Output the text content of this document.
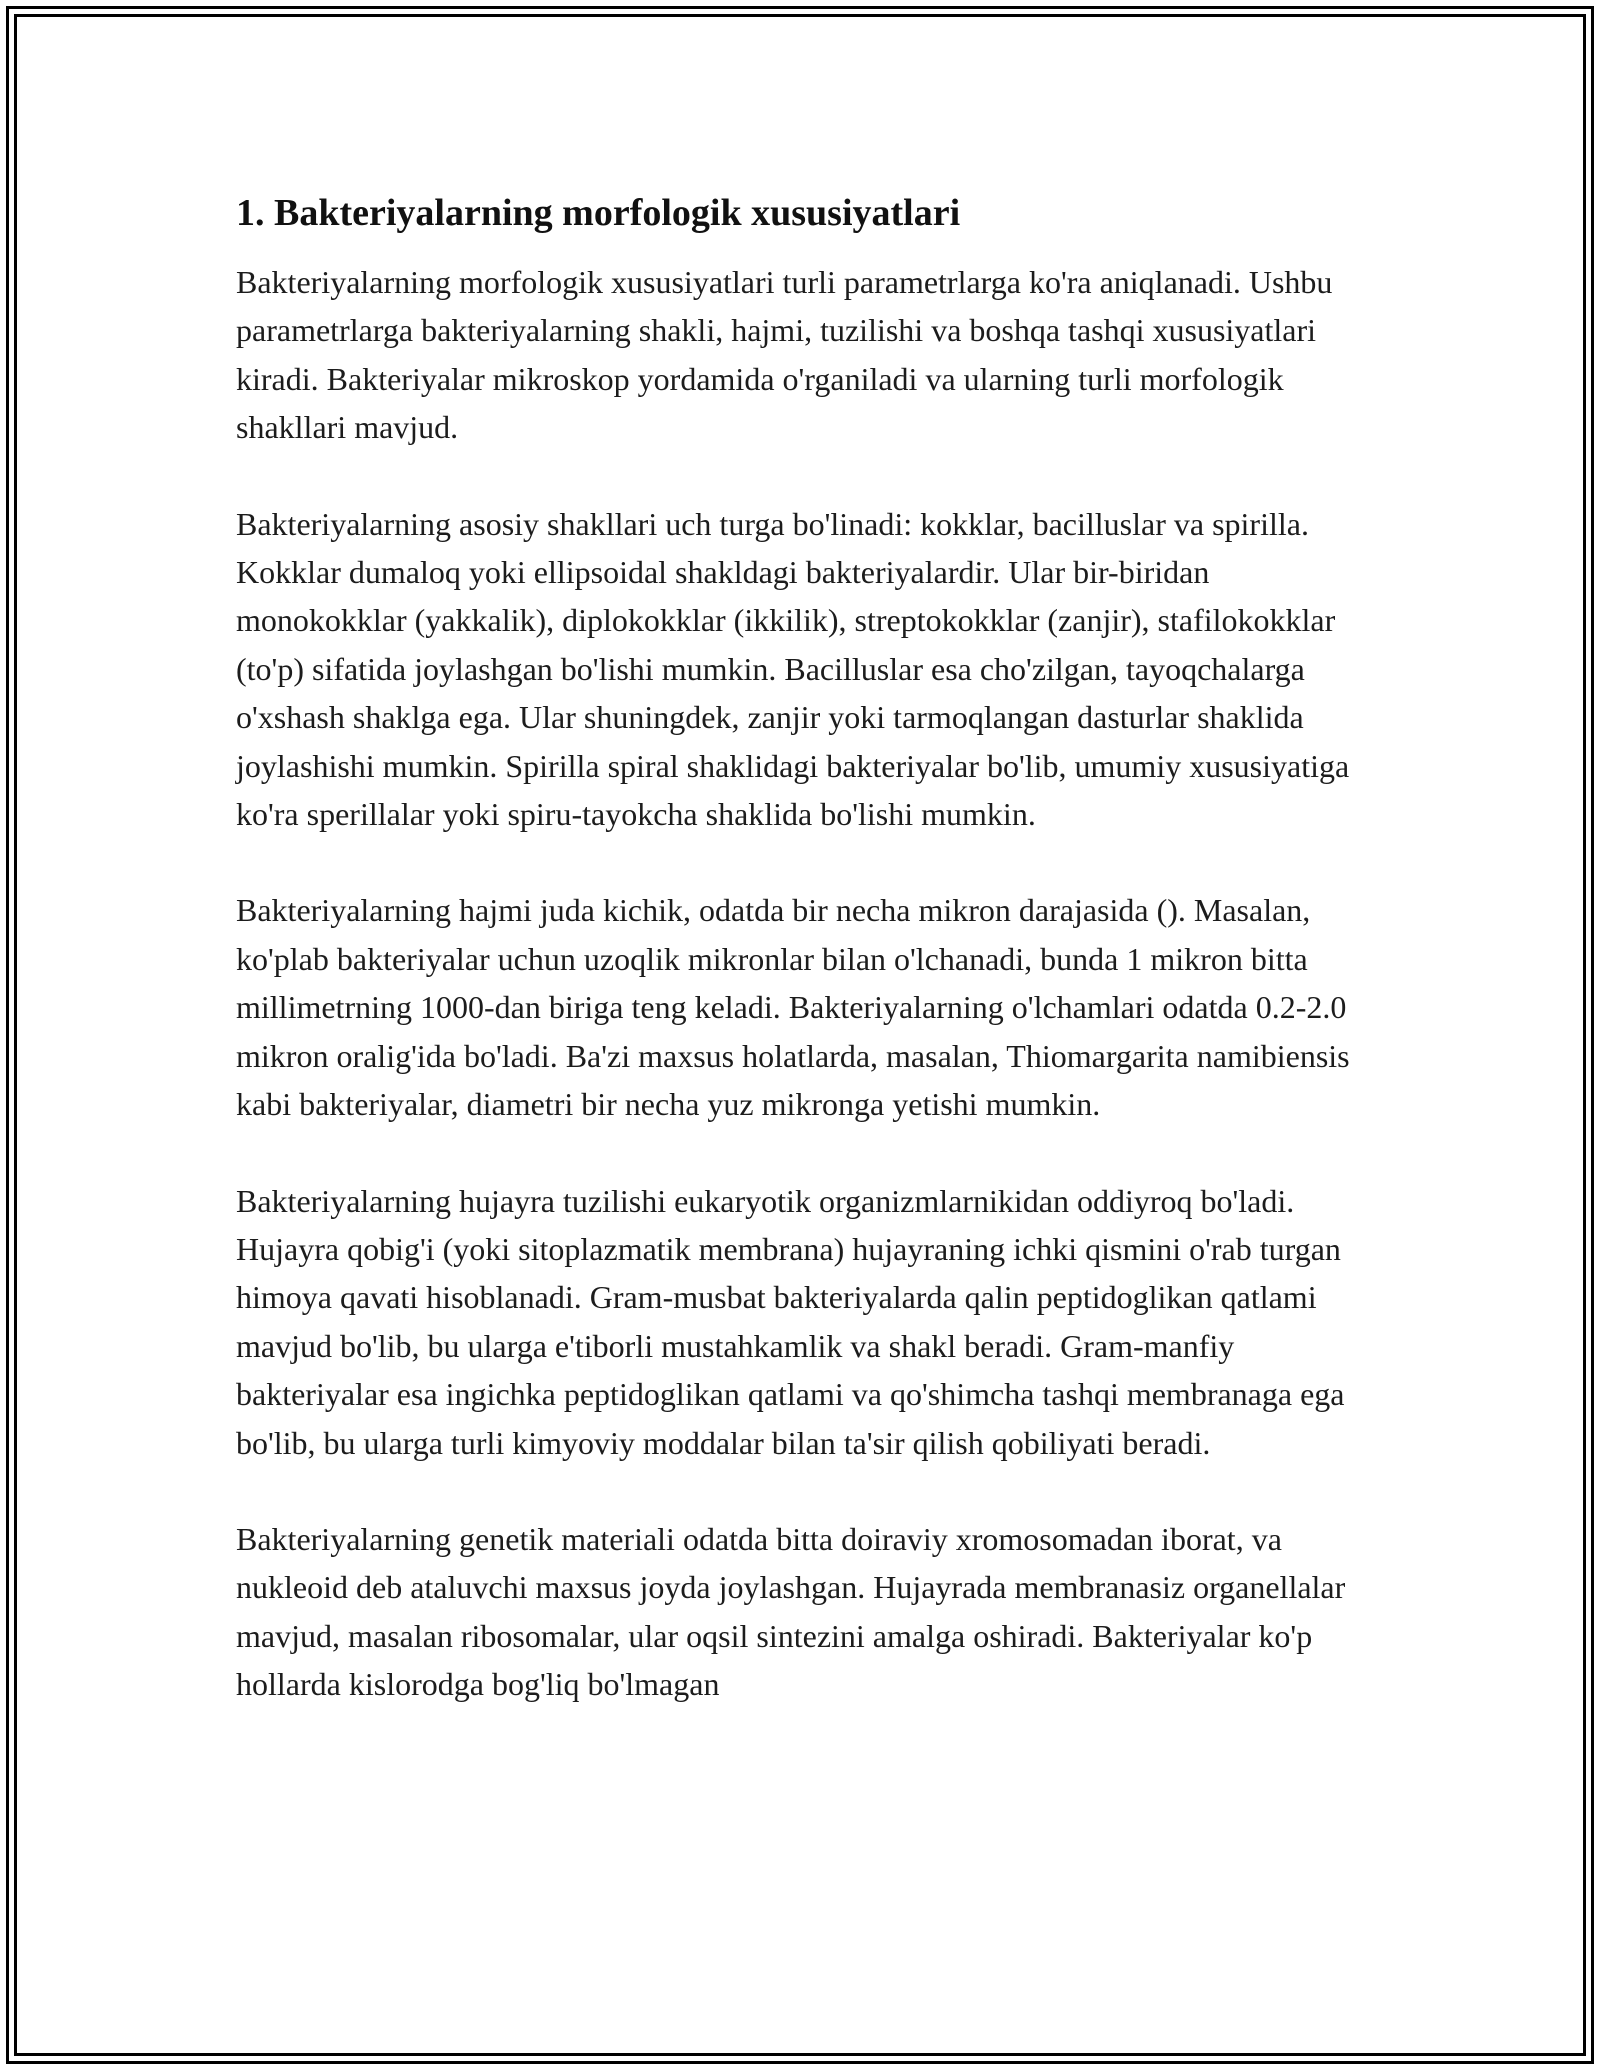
1. Bakteriyalarning morfologik xususiyatlari

Bakteriyalarning morfologik xususiyatlari turli parametrlarga ko'ra aniqlanadi. Ushbu parametrlarga bakteriyalarning shakli, hajmi, tuzilishi va boshqa tashqi xususiyatlari kiradi. Bakteriyalar mikroskop yordamida o'rganiladi va ularning turli morfologik shakllari mavjud.

Bakteriyalarning asosiy shakllari uch turga bo'linadi: kokklar, bacilluslar va spirilla. Kokklar dumaloq yoki ellipsoidal shakldagi bakteriyalardir. Ular bir-biridan monokokklar (yakkalik), diplokokklar (ikkilik), streptokokklar (zanjir), stafilokokklar (to'p) sifatida joylashgan bo'lishi mumkin. Bacilluslar esa cho'zilgan, tayoqchalarga o'xshash shaklga ega. Ular shuningdek, zanjir yoki tarmoqlangan dasturlar shaklida joylashishi mumkin. Spirilla spiral shaklidagi bakteriyalar bo'lib, umumiy xususiyatiga ko'ra sperillalar yoki spiru-tayokcha shaklida bo'lishi mumkin.

Bakteriyalarning hajmi juda kichik, odatda bir necha mikron darajasida (). Masalan, ko'plab bakteriyalar uchun uzoqlik mikronlar bilan o'lchanadi, bunda 1 mikron bitta millimetrning 1000-dan biriga teng keladi. Bakteriyalarning o'lchamlari odatda 0.2-2.0 mikron oralig'ida bo'ladi. Ba'zi maxsus holatlarda, masalan, Thiomargarita namibiensis kabi bakteriyalar, diametri bir necha yuz mikronga yetishi mumkin.

Bakteriyalarning hujayra tuzilishi eukaryotik organizmlarnikidan oddiyroq bo'ladi. Hujayra qobig'i (yoki sitoplazmatik membrana) hujayraning ichki qismini o'rab turgan himoya qavati hisoblanadi. Gram-musbat bakteriyalarda qalin peptidoglikan qatlami mavjud bo'lib, bu ularga e'tiborli mustahkamlik va shakl beradi. Gram-manfiy bakteriyalar esa ingichka peptidoglikan qatlami va qo'shimcha tashqi membranaga ega bo'lib, bu ularga turli kimyoviy moddalar bilan ta'sir qilish qobiliyati beradi.

Bakteriyalarning genetik materiali odatda bitta doiraviy xromosomadan iborat, va nukleoid deb ataluvchi maxsus joyda joylashgan. Hujayrada membranasiz organellalar mavjud, masalan ribosomalar, ular oqsil sintezini amalga oshiradi. Bakteriyalar ko'p hollarda kislorodga bog'liq bo'lmagan
